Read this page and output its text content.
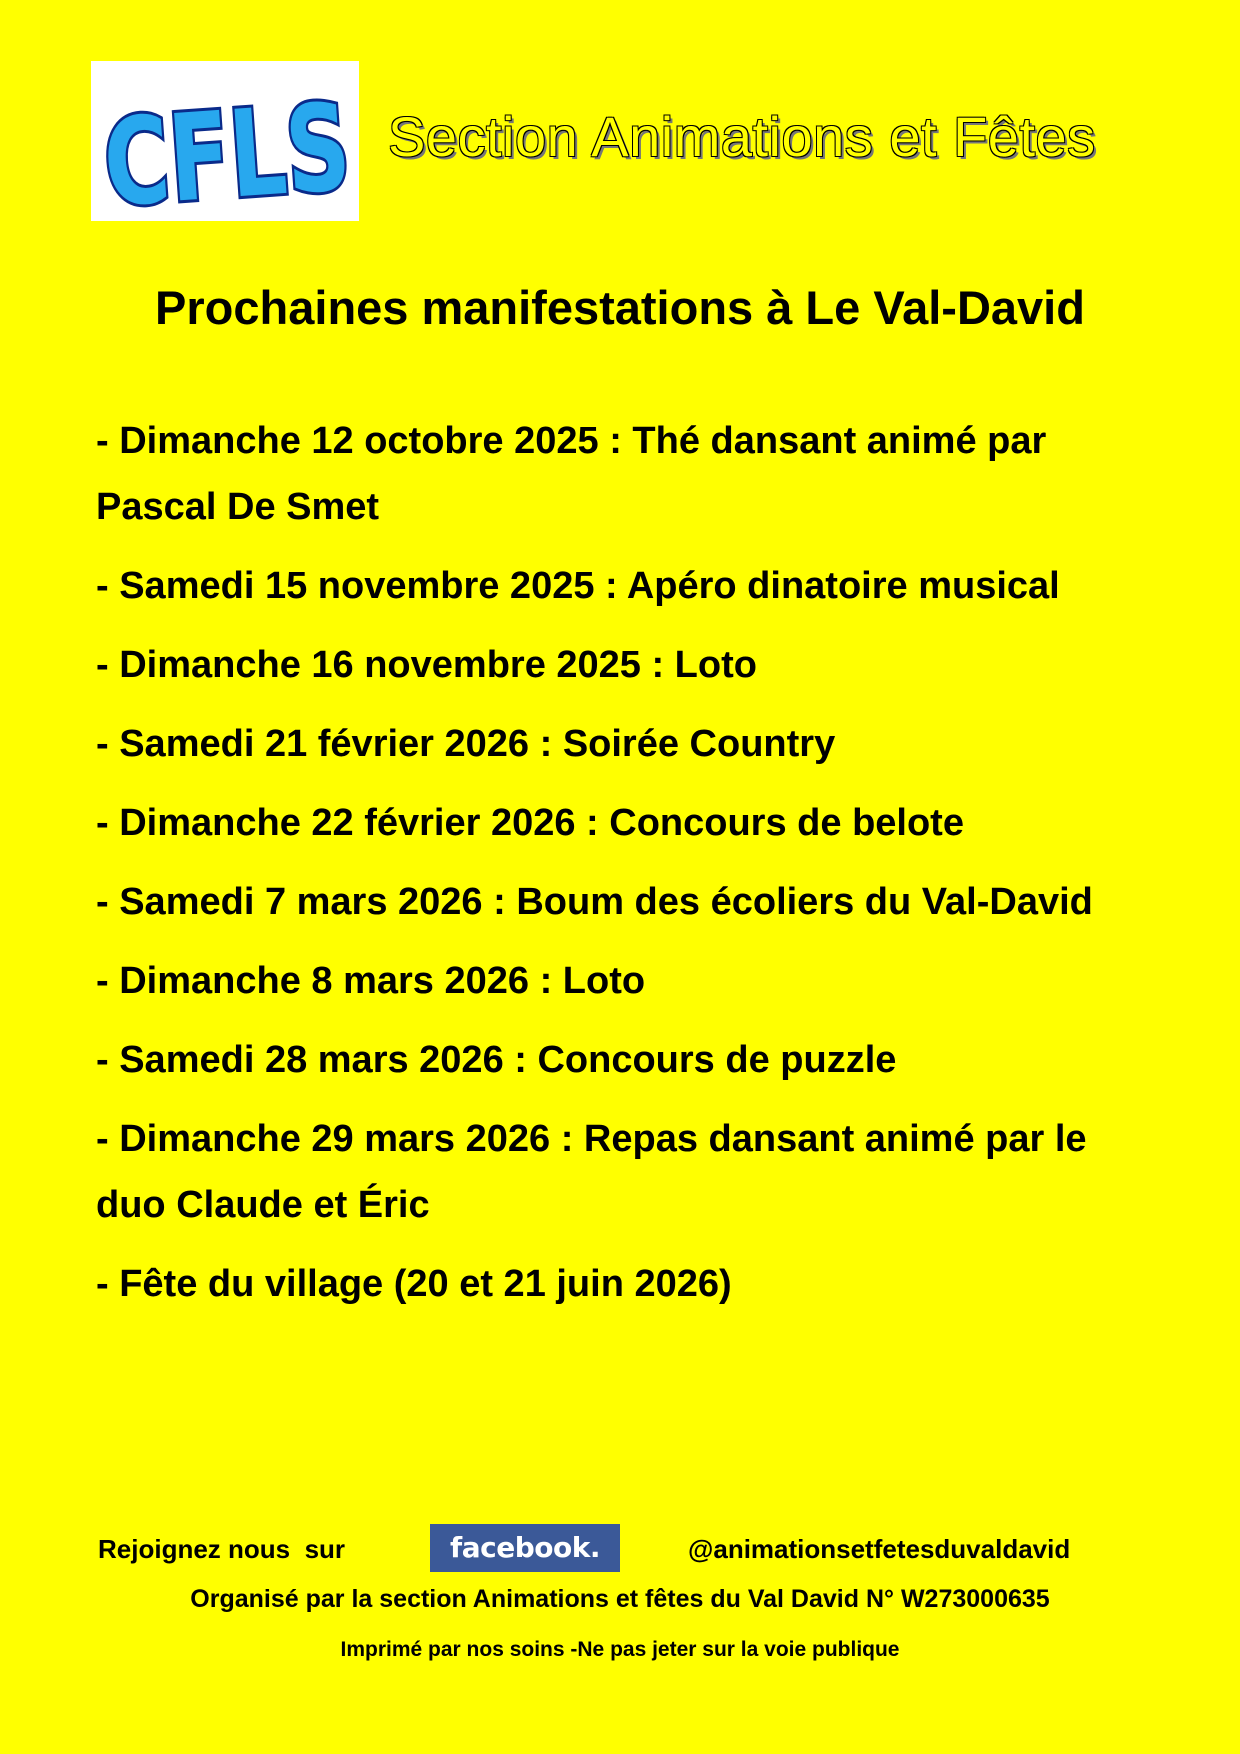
CFLS
Section Animations et Fêtes
Prochaines manifestations à Le Val-David
- Dimanche 12 octobre 2025 : Thé dansant animé par Pascal De Smet
- Samedi 15 novembre 2025 : Apéro dinatoire musical
- Dimanche 16 novembre 2025 : Loto
- Samedi 21 février 2026 : Soirée Country
- Dimanche 22 février 2026 : Concours de belote
- Samedi 7 mars 2026 : Boum des écoliers du Val-David
- Dimanche 8 mars 2026 : Loto
- Samedi 28 mars 2026 : Concours de puzzle
- Dimanche 29 mars 2026 : Repas dansant animé par le duo Claude et Éric
- Fête du village (20 et 21 juin 2026)
Rejoignez nous  sur	facebook.	@animationsetfetesduvaldavid
Organisé par la section Animations et fêtes du Val David N° W273000635
Imprimé par nos soins -Ne pas jeter sur la voie publique
